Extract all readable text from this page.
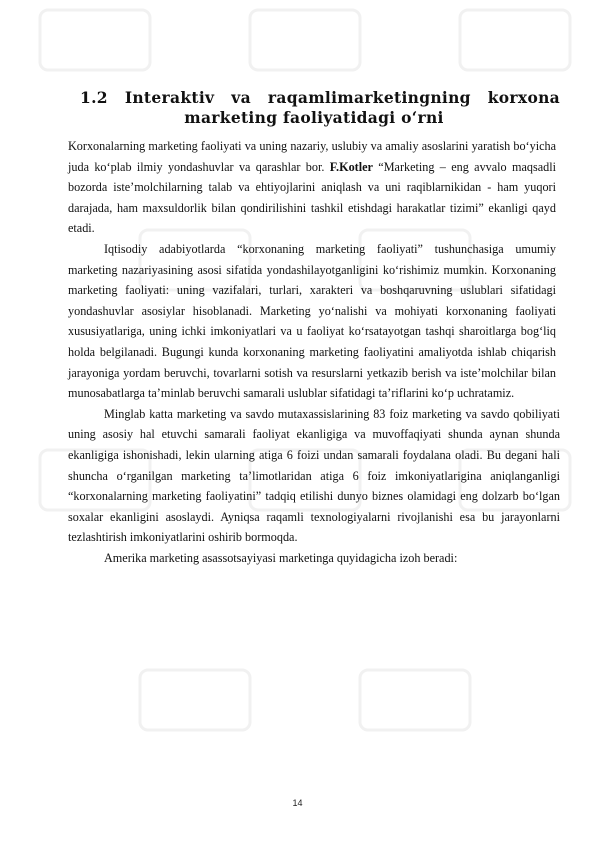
1.2 Interaktiv va raqamlimarketingning korxona
marketing faoliyatidagi o‘rni

Korxonalarning marketing faoliyati va uning nazariy, uslubiy va amaliy asoslarini yaratish bo‘yicha juda ko‘plab ilmiy yondashuvlar va qarashlar bor. F.Kotler “Marketing – eng avvalo maqsadli bozorda iste’molchilarning talab va ehtiyojlarini aniqlash va uni raqiblarnikidan - ham yuqori darajada, ham maxsuldorlik bilan qondirilishini tashkil etishdagi harakatlar tizimi” ekanligi qayd etadi.

Iqtisodiy adabiyotlarda “korxonaning marketing faoliyati” tushunchasiga umumiy marketing nazariyasining asosi sifatida yondashilayotganligini ko‘rishimiz mumkin. Korxonaning marketing faoliyati: uning vazifalari, turlari, xarakteri va boshqaruvning uslublari sifatidagi yondashuvlar asosiylar hisoblanadi. Marketing yo‘nalishi va mohiyati korxonaning faoliyati xususiyatlariga, uning ichki imkoniyatlari va u faoliyat ko‘rsatayotgan tashqi sharoitlarga bog‘liq holda belgilanadi. Bugungi kunda korxonaning marketing faoliyatini amaliyotda ishlab chiqarish jarayoniga yordam beruvchi, tovarlarni sotish va resurslarni yetkazib berish va iste’molchilar bilan munosabatlarga ta’minlab beruvchi samarali uslublar sifatidagi ta’riflarini ko‘p uchratamiz.

Minglab katta marketing va savdo mutaxassislarining 83 foiz marketing va savdo qobiliyati uning asosiy hal etuvchi samarali faoliyat ekanligiga va muvoffaqiyati shunda aynan shunda ekanligiga ishonishadi, lekin ularning atiga 6 foizi undan samarali foydalana oladi. Bu degani hali shuncha o‘rganilgan marketing ta’limotlaridan atiga 6 foiz imkoniyatlarigina aniqlanganligi “korxonalarning marketing faoliyatini” tadqiq etilishi dunyo biznes olamidagi eng dolzarb bo‘lgan soxalar ekanligini asoslaydi. Ayniqsa raqamli texnologiyalarni rivojlanishi esa bu jarayonlarni tezlashtirish imkoniyatlarini oshirib bormoqda.

Amerika marketing asassotsayiyasi marketinga quyidagicha izoh beradi:

14
